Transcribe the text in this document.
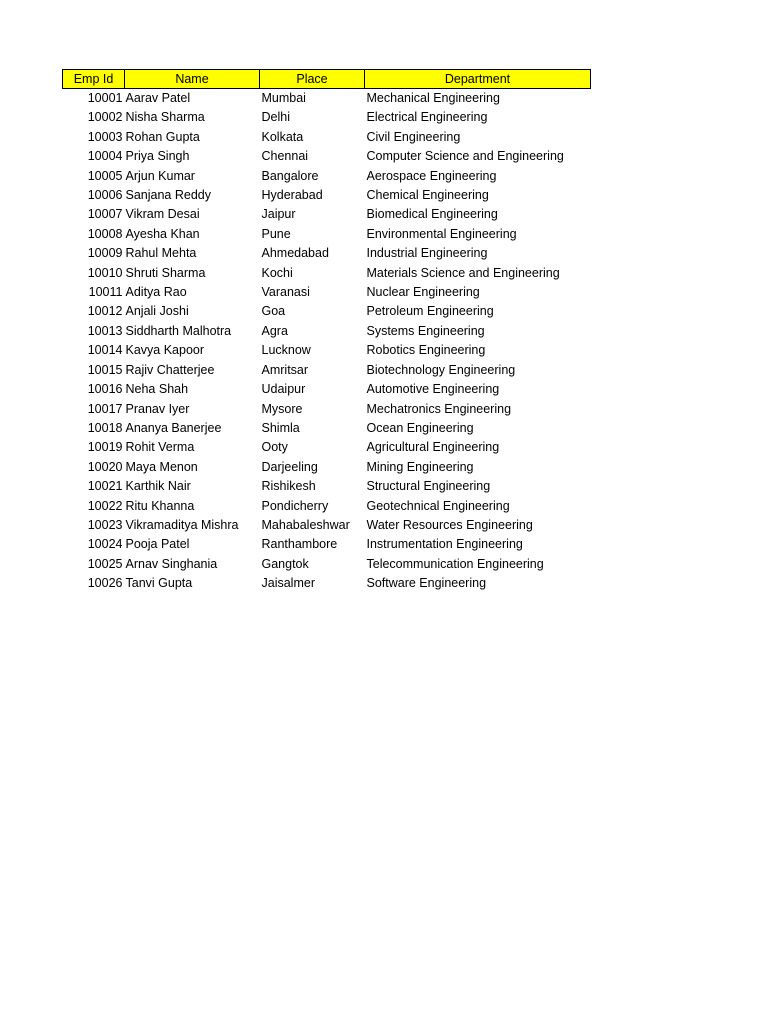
Emp Id	Name	Place	Department
10001	Aarav Patel	Mumbai	Mechanical Engineering
10002	Nisha Sharma	Delhi	Electrical Engineering
10003	Rohan Gupta	Kolkata	Civil Engineering
10004	Priya Singh	Chennai	Computer Science and Engineering
10005	Arjun Kumar	Bangalore	Aerospace Engineering
10006	Sanjana Reddy	Hyderabad	Chemical Engineering
10007	Vikram Desai	Jaipur	Biomedical Engineering
10008	Ayesha Khan	Pune	Environmental Engineering
10009	Rahul Mehta	Ahmedabad	Industrial Engineering
10010	Shruti Sharma	Kochi	Materials Science and Engineering
10011	Aditya Rao	Varanasi	Nuclear Engineering
10012	Anjali Joshi	Goa	Petroleum Engineering
10013	Siddharth Malhotra	Agra	Systems Engineering
10014	Kavya Kapoor	Lucknow	Robotics Engineering
10015	Rajiv Chatterjee	Amritsar	Biotechnology Engineering
10016	Neha Shah	Udaipur	Automotive Engineering
10017	Pranav Iyer	Mysore	Mechatronics Engineering
10018	Ananya Banerjee	Shimla	Ocean Engineering
10019	Rohit Verma	Ooty	Agricultural Engineering
10020	Maya Menon	Darjeeling	Mining Engineering
10021	Karthik Nair	Rishikesh	Structural Engineering
10022	Ritu Khanna	Pondicherry	Geotechnical Engineering
10023	Vikramaditya Mishra	Mahabaleshwar	Water Resources Engineering
10024	Pooja Patel	Ranthambore	Instrumentation Engineering
10025	Arnav Singhania	Gangtok	Telecommunication Engineering
10026	Tanvi Gupta	Jaisalmer	Software Engineering
